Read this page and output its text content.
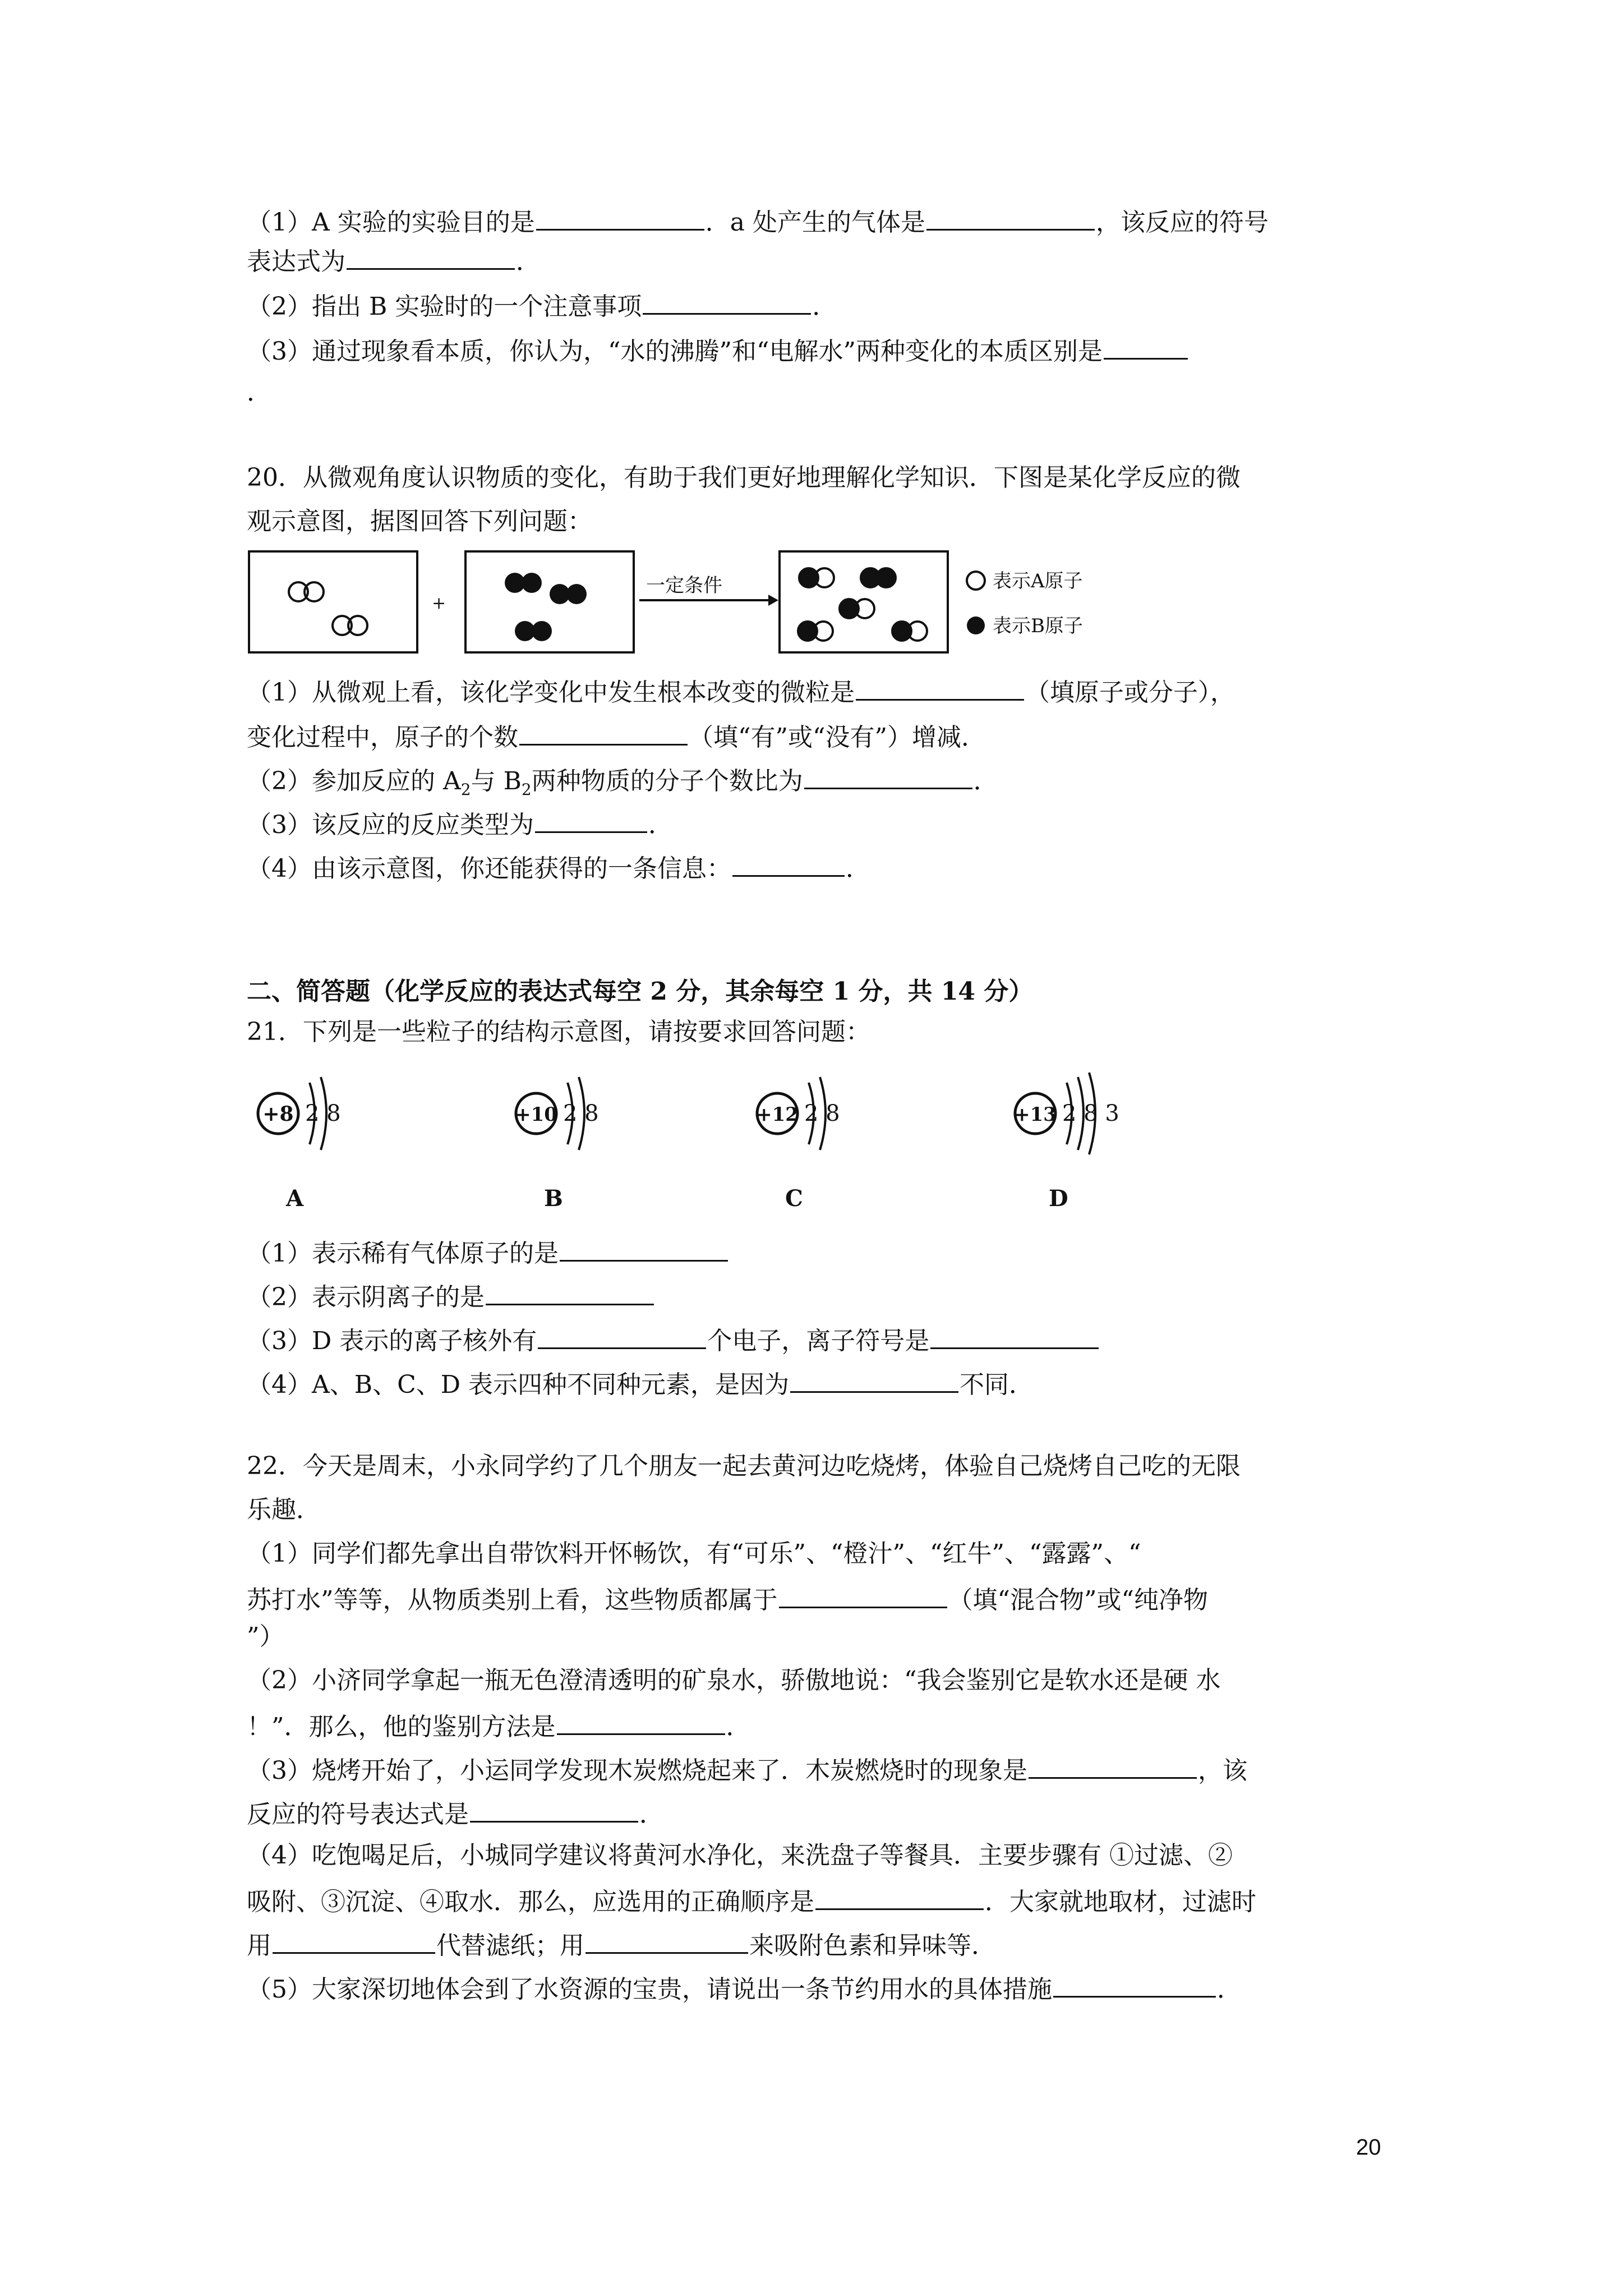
（1）A 实验的实验目的是	．a 处产生的气体是	，该反应的符号
表达式为	．
（2）指出 B 实验时的一个注意事项	．
（3）通过现象看本质，你认为，“水的沸腾”和“电解水”两种变化的本质区别是
．
20．从微观角度认识物质的变化，有助于我们更好地理解化学知识．下图是某化学反应的微
观示意图，据图回答下列问题：
+
一定条件	表示A原子
表示B原子
（1）从微观上看，该化学变化中发生根本改变的微粒是	（填原子或分子），
变化过程中，原子的个数	（填“有”或“没有”）增减．
（2）参加反应的 $A_2$与 $B_2$两种物质的分子个数比为	．
（3）该反应的反应类型为	．
（4）由该示意图，你还能获得的一条信息：	．
二、简答题（化学反应的表达式每空 2 分，其余每空 1 分，共 14 分）
21．下列是一些粒子的结构示意图，请按要求回答问题：
+8 2 8
A
+10 2 8
B
+12 2 8
C
+13 2 8 3
D
（1）表示稀有气体原子的是
（2）表示阴离子的是
（3）D 表示的离子核外有	个电子，离子符号是
（4）A、B、C、D 表示四种不同种元素，是因为	不同．
22．今天是周末，小永同学约了几个朋友一起去黄河边吃烧烤，体验自己烧烤自己吃的无限
乐趣．
（1）同学们都先拿出自带饮料开怀畅饮，有“可乐”、“橙汁”、“红牛”、“露露”、“
苏打水”等等，从物质类别上看，这些物质都属于	（填“混合物”或“纯净物
”）
（2）小济同学拿起一瓶无色澄清透明的矿泉水，骄傲地说：“我会鉴别它是软水还是硬 水
！”．那么，他的鉴别方法是	．
（3）烧烤开始了，小运同学发现木炭燃烧起来了．木炭燃烧时的现象是	，该
反应的符号表达式是	．
（4）吃饱喝足后，小城同学建议将黄河水净化，来洗盘子等餐具．主要步骤有 ①过滤、②
吸附、③沉淀、④取水．那么，应选用的正确顺序是	．大家就地取材，过滤时
用	代替滤纸；用	来吸附色素和异味等．
（5）大家深切地体会到了水资源的宝贵，请说出一条节约用水的具体措施	．
20
